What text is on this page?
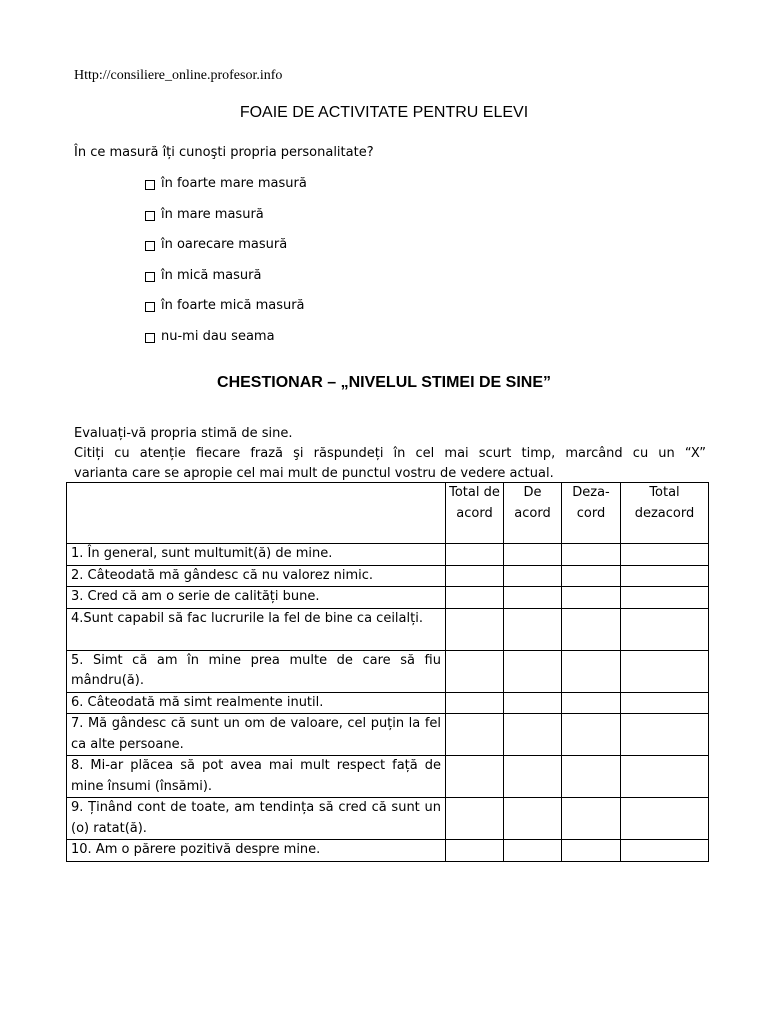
Http://consiliere_online.profesor.info
FOAIE DE ACTIVITATE PENTRU ELEVI
În ce masură îți cunoşti propria personalitate?
în foarte mare masură
în mare masură
în oarecare masură
în mică masură
în foarte mică masură
nu-mi dau seama
CHESTIONAR – „NIVELUL STIMEI DE SINE”

Evaluați-vă propria stimă de sine.

Citiți cu atenție fiecare frază şi răspundeți în cel mai scurt timp, marcând cu un “X”

varianta care se apropie cel mai mult de punctul vostru de vedere actual.

	Total de acord	De acord	Deza-cord	Total dezacord
1. În general, sunt multumit(ă) de mine.				
2. Câteodată mă gândesc că nu valorez nimic.				
3. Cred că am o serie de calități bune.				
4.Sunt capabil să fac lucrurile la fel de bine ca ceilalți.				
5. Simt că am în mine prea multe de care să fiu mândru(ă).				
6. Câteodată mă simt realmente inutil.				
7. Mă gândesc că sunt un om de valoare, cel puțin la fel ca alte persoane.				
8. Mi-ar plăcea să pot avea mai mult respect față de mine însumi (însămi).				
9. Ținând cont de toate, am tendința să cred că sunt un (o) ratat(ă).				
10. Am o părere pozitivă despre mine.				
